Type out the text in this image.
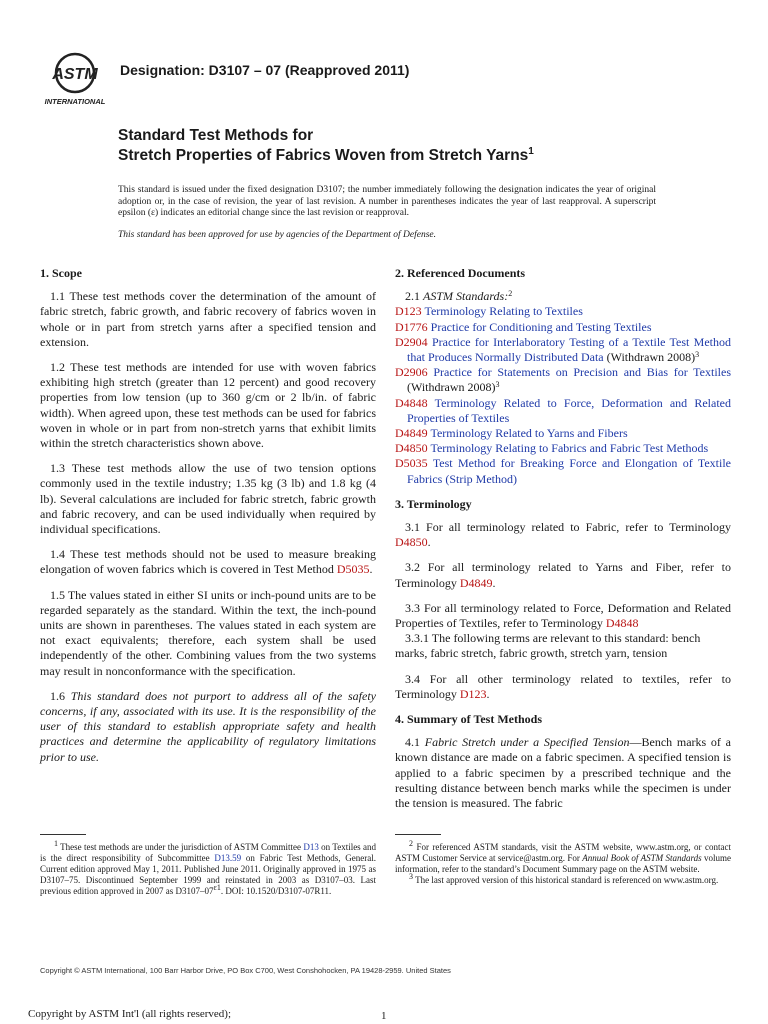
ASTM
INTERNATIONAL
Designation: D3107 – 07 (Reapproved 2011)
Standard Test Methods for
Stretch Properties of Fabrics Woven from Stretch Yarns$^1$
This standard is issued under the fixed designation D3107; the number immediately following the designation indicates the year of original adoption or, in the case of revision, the year of last revision. A number in parentheses indicates the year of last reapproval. A superscript epsilon (ε) indicates an editorial change since the last revision or reapproval.
This standard has been approved for use by agencies of the Department of Defense.
1. Scope

1.1 These test methods cover the determination of the amount of fabric stretch, fabric growth, and fabric recovery of fabrics woven in whole or in part from stretch yarns after a specified tension and extension.

1.2 These test methods are intended for use with woven fabrics exhibiting high stretch (greater than 12 percent) and good recovery properties from low tension (up to 360 g/cm or 2 lb/in. of fabric width). When agreed upon, these test methods can be used for fabrics woven in whole or in part from non-stretch yarns that exhibit limits within the stretch characteristics shown above.

1.3 These test methods allow the use of two tension options commonly used in the textile industry; 1.35 kg (3 lb) and 1.8 kg (4 lb). Several calculations are included for fabric stretch, fabric growth and fabric recovery, and can be used individually when required by individual specifications.

1.4 These test methods should not be used to measure breaking elongation of woven fabrics which is covered in Test Method D5035.

1.5 The values stated in either SI units or inch-pound units are to be regarded separately as the standard. Within the text, the inch-pound units are shown in parentheses. The values stated in each system are not exact equivalents; therefore, each system shall be used independently of the other. Combining values from the two systems may result in nonconformance with the specification.

1.6 This standard does not purport to address all of the safety concerns, if any, associated with its use. It is the responsibility of the user of this standard to establish appropriate safety and health practices and determine the applicability of regulatory limitations prior to use.

2. Referenced Documents
2.1 ASTM Standards:$^2$
D123 Terminology Relating to Textiles
D1776 Practice for Conditioning and Testing Textiles
D2904 Practice for Interlaboratory Testing of a Textile Test Method that Produces Normally Distributed Data (Withdrawn 2008)$^3$
D2906 Practice for Statements on Precision and Bias for Textiles (Withdrawn 2008)$^3$
D4848 Terminology Related to Force, Deformation and Related Properties of Textiles
D4849 Terminology Related to Yarns and Fibers
D4850 Terminology Relating to Fabrics and Fabric Test Methods
D5035 Test Method for Breaking Force and Elongation of Textile Fabrics (Strip Method)
3. Terminology

3.1 For all terminology related to Fabric, refer to Terminology D4850.

3.2 For all terminology related to Yarns and Fiber, refer to Terminology D4849.

3.3 For all terminology related to Force, Deformation and Related Properties of Textiles, refer to Terminology D4848

3.3.1 The following terms are relevant to this standard: bench marks, fabric stretch, fabric growth, stretch yarn, tension

3.4 For all other terminology related to textiles, refer to Terminology D123.

4. Summary of Test Methods

4.1 Fabric Stretch under a Specified Tension—Bench marks of a known distance are made on a fabric specimen. A specified tension is applied to a fabric specimen by a prescribed technique and the resulting distance between bench marks while the specimen is under the tension is measured. The fabric

$^1$ These test methods are under the jurisdiction of ASTM Committee D13 on Textiles and is the direct responsibility of Subcommittee D13.59 on Fabric Test Methods, General. Current edition approved May 1, 2011. Published June 2011. Originally approved in 1975 as D3107–75. Discontinued September 1999 and reinstated in 2003 as D3107–03. Last previous edition approved in 2007 as $D3107-07^{\varepsilon 1}$. DOI: 10.1520/D3107-07R11.

$^2$ For referenced ASTM standards, visit the ASTM website, www.astm.org, or contact ASTM Customer Service at service@astm.org. For Annual Book of ASTM Standards volume information, refer to the standard’s Document Summary page on the ASTM website.

$^3$ The last approved version of this historical standard is referenced on www.astm.org.

Copyright © ASTM International, 100 Barr Harbor Drive, PO Box C700, West Conshohocken, PA 19428-2959. United States
Copyright by ASTM Int'l (all rights reserved);	1
